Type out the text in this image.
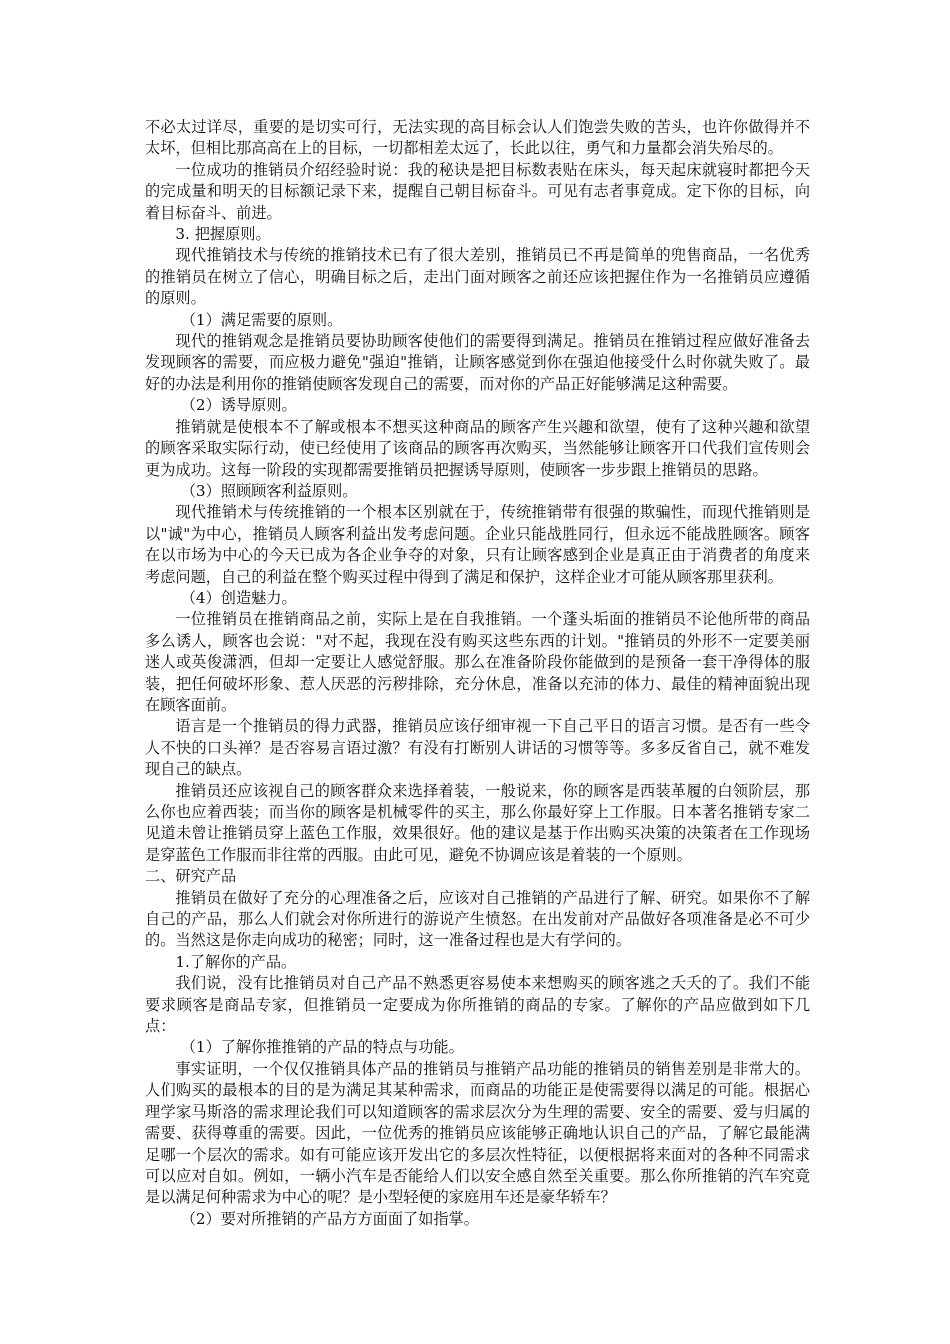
不必太过详尽，重要的是切实可行，无法实现的高目标会认人们饱尝失败的苦头，也许你做得并不太坏，但相比那高高在上的目标，一切都相差太远了，长此以往，勇气和力量都会消失殆尽的。

一位成功的推销员介绍经验时说：我的秘诀是把目标数表贴在床头，每天起床就寝时都把今天的完成量和明天的目标额记录下来，提醒自己朝目标奋斗。可见有志者事竟成。定下你的目标，向着目标奋斗、前进。

3. 把握原则。

现代推销技术与传统的推销技术已有了很大差别，推销员已不再是简单的兜售商品，一名优秀的推销员在树立了信心，明确目标之后，走出门面对顾客之前还应该把握住作为一名推销员应遵循的原则。

（1）满足需要的原则。

现代的推销观念是推销员要协助顾客使他们的需要得到满足。推销员在推销过程应做好准备去发现顾客的需要，而应极力避免"强迫"推销，让顾客感觉到你在强迫他接受什么时你就失败了。最好的办法是利用你的推销使顾客发现自己的需要，而对你的产品正好能够满足这种需要。

（2）诱导原则。

推销就是使根本不了解或根本不想买这种商品的顾客产生兴趣和欲望，使有了这种兴趣和欲望的顾客采取实际行动，使已经使用了该商品的顾客再次购买，当然能够让顾客开口代我们宣传则会更为成功。这每一阶段的实现都需要推销员把握诱导原则，使顾客一步步跟上推销员的思路。

（3）照顾顾客利益原则。

现代推销术与传统推销的一个根本区别就在于，传统推销带有很强的欺骗性，而现代推销则是以"诚"为中心，推销员人顾客利益出发考虑问题。企业只能战胜同行，但永远不能战胜顾客。顾客在以市场为中心的今天已成为各企业争夺的对象，只有让顾客感到企业是真正由于消费者的角度来考虑问题，自己的利益在整个购买过程中得到了满足和保护，这样企业才可能从顾客那里获利。

（4）创造魅力。

一位推销员在推销商品之前，实际上是在自我推销。一个蓬头垢面的推销员不论他所带的商品多么诱人，顾客也会说："对不起，我现在没有购买这些东西的计划。"推销员的外形不一定要美丽迷人或英俊潇洒，但却一定要让人感觉舒服。那么在准备阶段你能做到的是预备一套干净得体的服装，把任何破坏形象、惹人厌恶的污秽排除，充分休息，准备以充沛的体力、最佳的精神面貌出现在顾客面前。

语言是一个推销员的得力武器，推销员应该仔细审视一下自己平日的语言习惯。是否有一些令人不快的口头禅？是否容易言语过激？有没有打断别人讲话的习惯等等。多多反省自己，就不难发现自己的缺点。

推销员还应该视自己的顾客群众来选择着装，一般说来，你的顾客是西装革履的白领阶层，那么你也应着西装；而当你的顾客是机械零件的买主，那么你最好穿上工作服。日本著名推销专家二见道未曾让推销员穿上蓝色工作服，效果很好。他的建议是基于作出购买决策的决策者在工作现场是穿蓝色工作服而非往常的西服。由此可见，避免不协调应该是着装的一个原则。

二、研究产品

推销员在做好了充分的心理准备之后，应该对自己推销的产品进行了解、研究。如果你不了解自己的产品，那么人们就会对你所进行的游说产生愤怒。在出发前对产品做好各项准备是必不可少的。当然这是你走向成功的秘密；同时，这一准备过程也是大有学问的。

1.了解你的产品。

我们说，没有比推销员对自己产品不熟悉更容易使本来想购买的顾客逃之夭夭的了。我们不能要求顾客是商品专家，但推销员一定要成为你所推销的商品的专家。了解你的产品应做到如下几点：

（1）了解你推推销的产品的特点与功能。

事实证明，一个仅仅推销具体产品的推销员与推销产品功能的推销员的销售差别是非常大的。人们购买的最根本的目的是为满足其某种需求，而商品的功能正是使需要得以满足的可能。根据心理学家马斯洛的需求理论我们可以知道顾客的需求层次分为生理的需要、安全的需要、爱与归属的需要、获得尊重的需要。因此，一位优秀的推销员应该能够正确地认识自己的产品，了解它最能满足哪一个层次的需求。如有可能应该开发出它的多层次性特征，以便根据将来面对的各种不同需求可以应对自如。例如，一辆小汽车是否能给人们以安全感自然至关重要。那么你所推销的汽车究竟是以满足何种需求为中心的呢？是小型轻便的家庭用车还是豪华轿车？

（2）要对所推销的产品方方面面了如指掌。
